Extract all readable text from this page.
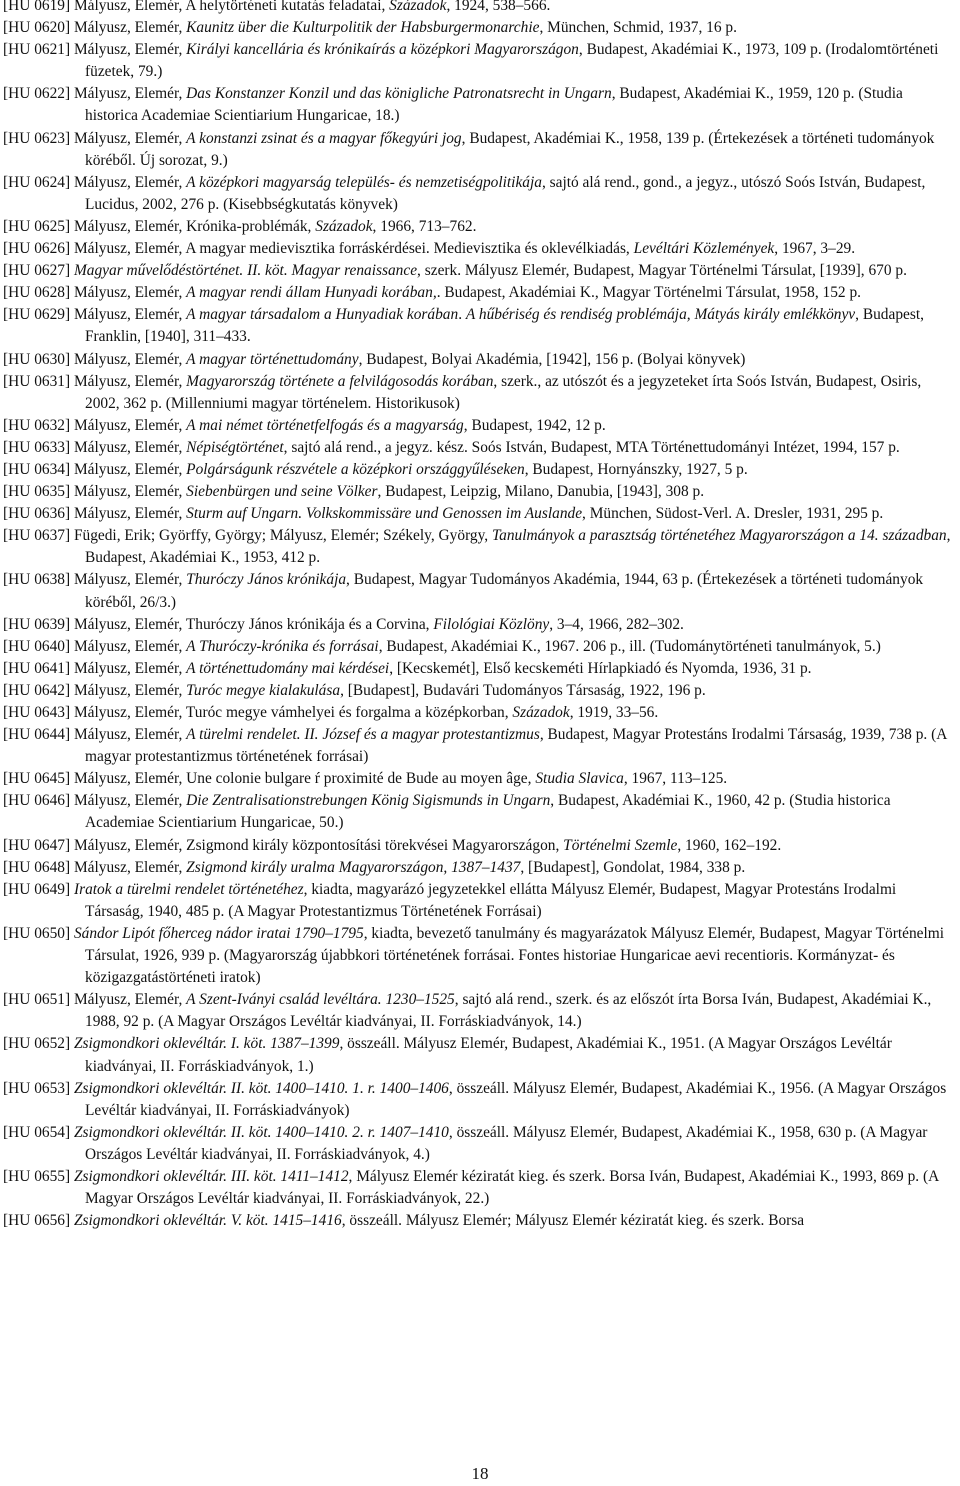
[HU 0619] Mályusz, Elemér, A helytörténeti kutatás feladatai, Századok, 1924, 538–566.

[HU 0620] Mályusz, Elemér, Kaunitz über die Kulturpolitik der Habsburgermonarchie, München, Schmid, 1937, 16 p.

[HU 0621] Mályusz, Elemér, Királyi kancellária és krónikaírás a középkori Magyarországon, Budapest, Akadémiai K., 1973, 109 p. (Irodalomtörténeti füzetek, 79.)

[HU 0622] Mályusz, Elemér, Das Konstanzer Konzil und das königliche Patronatsrecht in Ungarn, Budapest, Akadémiai K., 1959, 120 p. (Studia historica Academiae Scientiarium Hungaricae, 18.)

[HU 0623] Mályusz, Elemér, A konstanzi zsinat és a magyar főkegyúri jog, Budapest, Akadémiai K., 1958, 139 p. (Értekezések a történeti tudományok köréből. Új sorozat, 9.)

[HU 0624] Mályusz, Elemér, A középkori magyarság település- és nemzetiségpolitikája, sajtó alá rend., gond., a jegyz., utószó Soós István, Budapest, Lucidus, 2002, 276 p. (Kisebbségkutatás könyvek)

[HU 0625] Mályusz, Elemér, Krónika-problémák, Századok, 1966, 713–762.

[HU 0626] Mályusz, Elemér, A magyar medievisztika forráskérdései. Medievisztika és oklevélkiadás, Levéltári Közlemények, 1967, 3–29.

[HU 0627] Magyar művelődéstörténet. II. köt. Magyar renaissance, szerk. Mályusz Elemér, Budapest, Magyar Történelmi Társulat, [1939], 670 p.

[HU 0628] Mályusz, Elemér, A magyar rendi állam Hunyadi korában,. Budapest, Akadémiai K., Magyar Történelmi Társulat, 1958, 152 p.

[HU 0629] Mályusz, Elemér, A magyar társadalom a Hunyadiak korában. A hűbériség és rendiség problémája, Mátyás király emlékkönyv, Budapest, Franklin, [1940], 311–433.

[HU 0630] Mályusz, Elemér, A magyar történettudomány, Budapest, Bolyai Akadémia, [1942], 156 p. (Bolyai könyvek)

[HU 0631] Mályusz, Elemér, Magyarország története a felvilágosodás korában, szerk., az utószót és a jegyzeteket írta Soós István, Budapest, Osiris, 2002, 362 p. (Millenniumi magyar történelem. Historikusok)

[HU 0632] Mályusz, Elemér, A mai német történetfelfogás és a magyarság, Budapest, 1942, 12 p.

[HU 0633] Mályusz, Elemér, Népiségtörténet, sajtó alá rend., a jegyz. kész. Soós István, Budapest, MTA Történettudományi Intézet, 1994, 157 p.

[HU 0634] Mályusz, Elemér, Polgárságunk részvétele a középkori országgyűléseken, Budapest, Hornyánszky, 1927, 5 p.

[HU 0635] Mályusz, Elemér, Siebenbürgen und seine Völker, Budapest, Leipzig, Milano, Danubia, [1943], 308 p.

[HU 0636] Mályusz, Elemér, Sturm auf Ungarn. Volkskommissäre und Genossen im Auslande, München, Südost-Verl. A. Dresler, 1931, 295 p.

[HU 0637] Fügedi, Erik; Györffy, György; Mályusz, Elemér; Székely, György, Tanulmányok a parasztság történetéhez Magyarországon a 14. században, Budapest, Akadémiai K., 1953, 412 p.

[HU 0638] Mályusz, Elemér, Thuróczy János krónikája, Budapest, Magyar Tudományos Akadémia, 1944, 63 p. (Értekezések a történeti tudományok köréből, 26/3.)

[HU 0639] Mályusz, Elemér, Thuróczy János krónikája és a Corvina, Filológiai Közlöny, 3–4, 1966, 282–302.

[HU 0640] Mályusz, Elemér, A Thuróczy-krónika és forrásai, Budapest, Akadémiai K., 1967. 206 p., ill. (Tudománytörténeti tanulmányok, 5.)

[HU 0641] Mályusz, Elemér, A történettudomány mai kérdései, [Kecskemét], Első kecskeméti Hírlapkiadó és Nyomda, 1936, 31 p.

[HU 0642] Mályusz, Elemér, Turóc megye kialakulása, [Budapest], Budavári Tudományos Társaság, 1922, 196 p.

[HU 0643] Mályusz, Elemér, Turóc megye vámhelyei és forgalma a középkorban, Századok, 1919, 33–56.

[HU 0644] Mályusz, Elemér, A türelmi rendelet. II. József és a magyar protestantizmus, Budapest, Magyar Protestáns Irodalmi Társaság, 1939, 738 p. (A magyar protestantizmus történetének forrásai)

[HU 0645] Mályusz, Elemér, Une colonie bulgare ŕ proximité de Bude au moyen âge, Studia Slavica, 1967, 113–125.

[HU 0646] Mályusz, Elemér, Die Zentralisationstrebungen König Sigismunds in Ungarn, Budapest, Akadémiai K., 1960, 42 p. (Studia historica Academiae Scientiarium Hungaricae, 50.)

[HU 0647] Mályusz, Elemér, Zsigmond király központosítási törekvései Magyarországon, Történelmi Szemle, 1960, 162–192.

[HU 0648] Mályusz, Elemér, Zsigmond király uralma Magyarországon, 1387–1437, [Budapest], Gondolat, 1984, 338 p.

[HU 0649] Iratok a türelmi rendelet történetéhez, kiadta, magyarázó jegyzetekkel ellátta Mályusz Elemér, Budapest, Magyar Protestáns Irodalmi Társaság, 1940, 485 p. (A Magyar Protestantizmus Történetének Forrásai)

[HU 0650] Sándor Lipót főherceg nádor iratai 1790–1795, kiadta, bevezető tanulmány és magyarázatok Mályusz Elemér, Budapest, Magyar Történelmi Társulat, 1926, 939 p. (Magyarország újabbkori történetének forrásai. Fontes historiae Hungaricae aevi recentioris. Kormányzat- és közigazgatástörténeti iratok)

[HU 0651] Mályusz, Elemér, A Szent-Iványi család levéltára. 1230–1525, sajtó alá rend., szerk. és az előszót írta Borsa Iván, Budapest, Akadémiai K., 1988, 92 p. (A Magyar Országos Levéltár kiadványai, II. Forráskiadványok, 14.)

[HU 0652] Zsigmondkori oklevéltár. I. köt. 1387–1399, összeáll. Mályusz Elemér, Budapest, Akadémiai K., 1951. (A Magyar Országos Levéltár kiadványai, II. Forráskiadványok, 1.)

[HU 0653] Zsigmondkori oklevéltár. II. köt. 1400–1410. 1. r. 1400–1406, összeáll. Mályusz Elemér, Budapest, Akadémiai K., 1956. (A Magyar Országos Levéltár kiadványai, II. Forráskiadványok)

[HU 0654] Zsigmondkori oklevéltár. II. köt. 1400–1410. 2. r. 1407–1410, összeáll. Mályusz Elemér, Budapest, Akadémiai K., 1958, 630 p. (A Magyar Országos Levéltár kiadványai, II. Forráskiadványok, 4.)

[HU 0655] Zsigmondkori oklevéltár. III. köt. 1411–1412, Mályusz Elemér kéziratát kieg. és szerk. Borsa Iván, Budapest, Akadémiai K., 1993, 869 p. (A Magyar Országos Levéltár kiadványai, II. Forráskiadványok, 22.)

[HU 0656] Zsigmondkori oklevéltár. V. köt. 1415–1416, összeáll. Mályusz Elemér; Mályusz Elemér kéziratát kieg. és szerk. Borsa

18
